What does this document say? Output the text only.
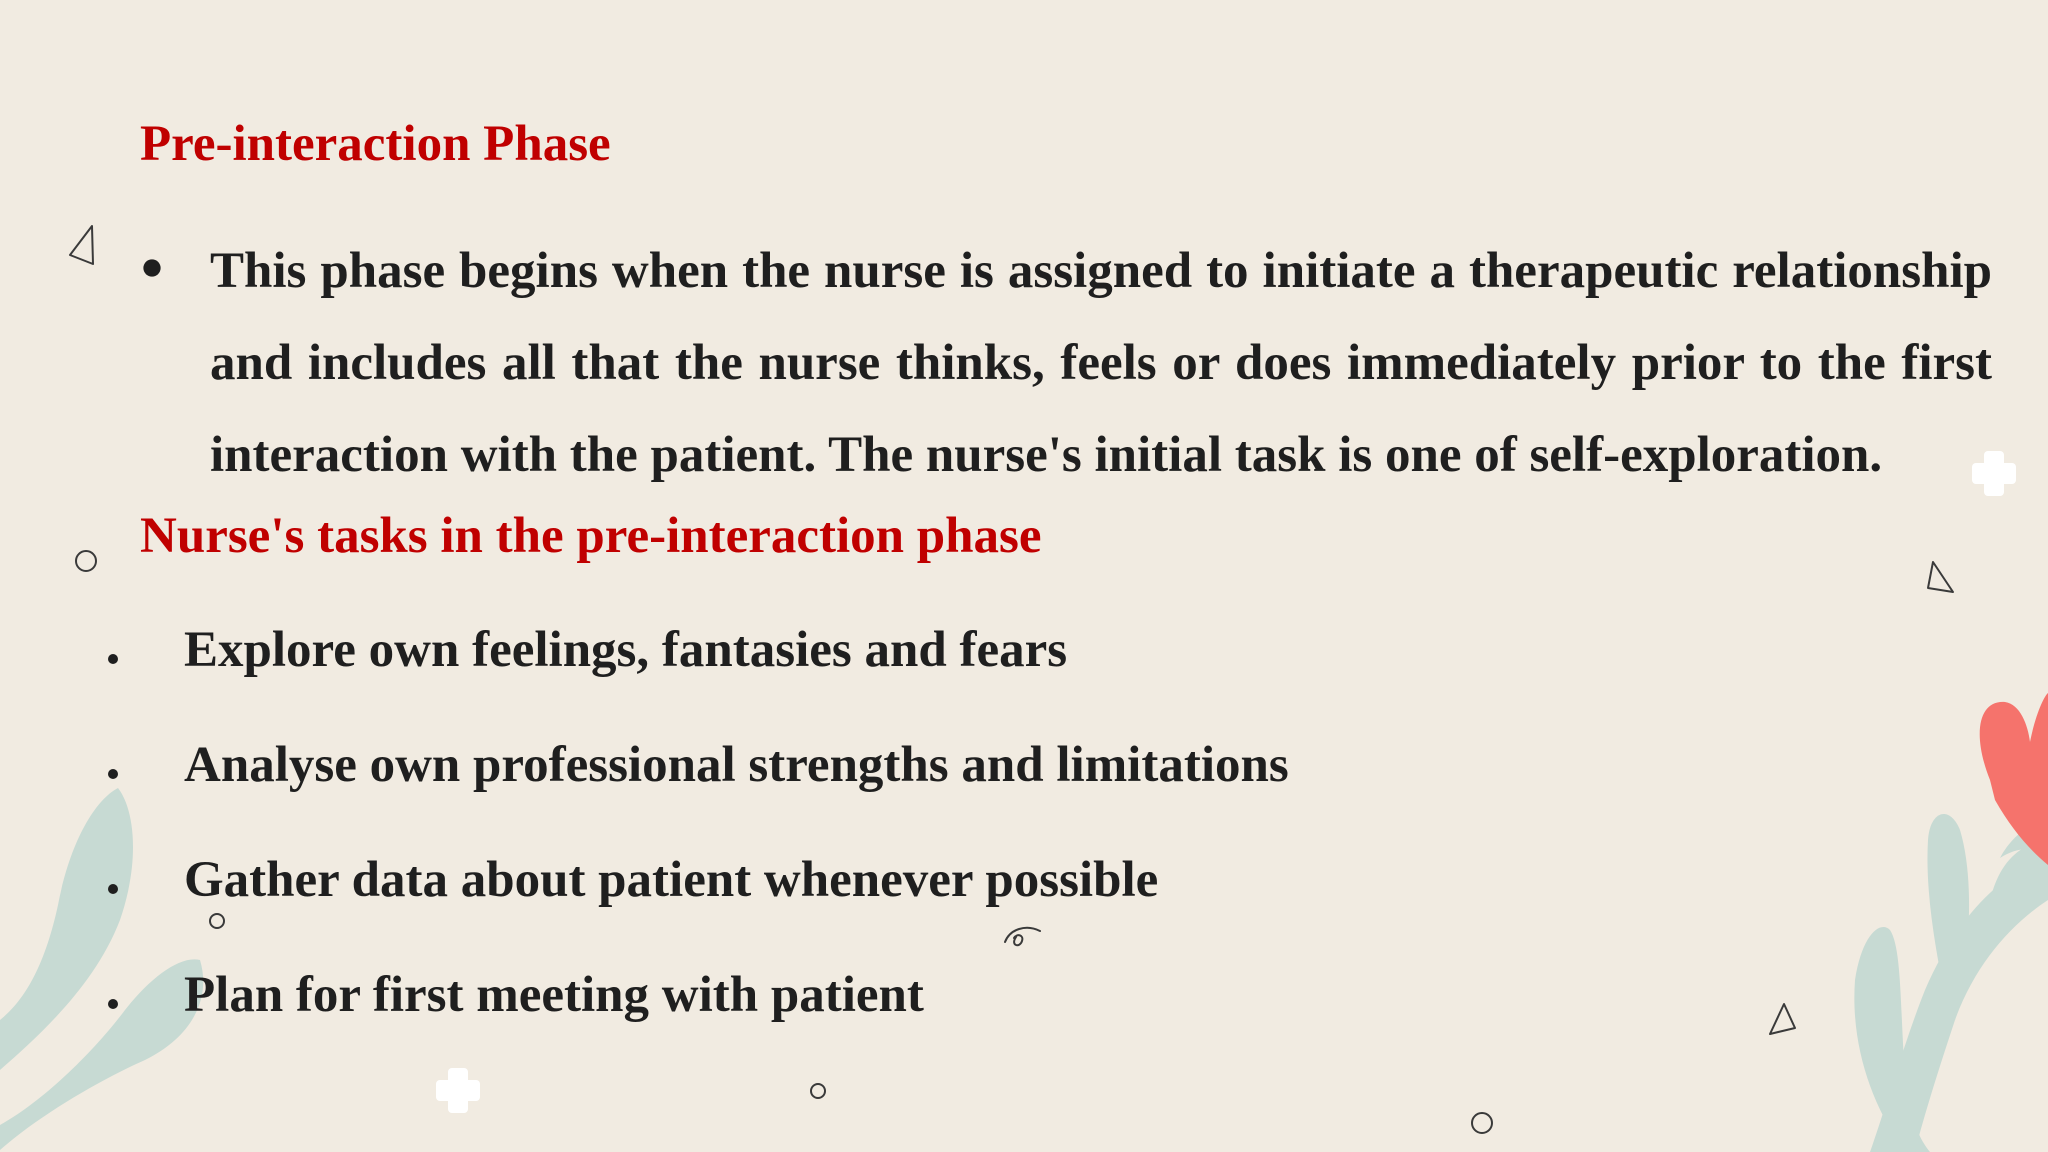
Pre-interaction Phase

This phase begins when the nurse is assigned to initiate a therapeutic relationship and includes all that the nurse thinks, feels or does immediately prior to the first interaction with the patient. The nurse's initial task is one of self-exploration.

Nurse's tasks in the pre-interaction phase
Explore own feelings, fantasies and fears
Analyse own professional strengths and limitations
Gather data about patient whenever possible
Plan for first meeting with patient
